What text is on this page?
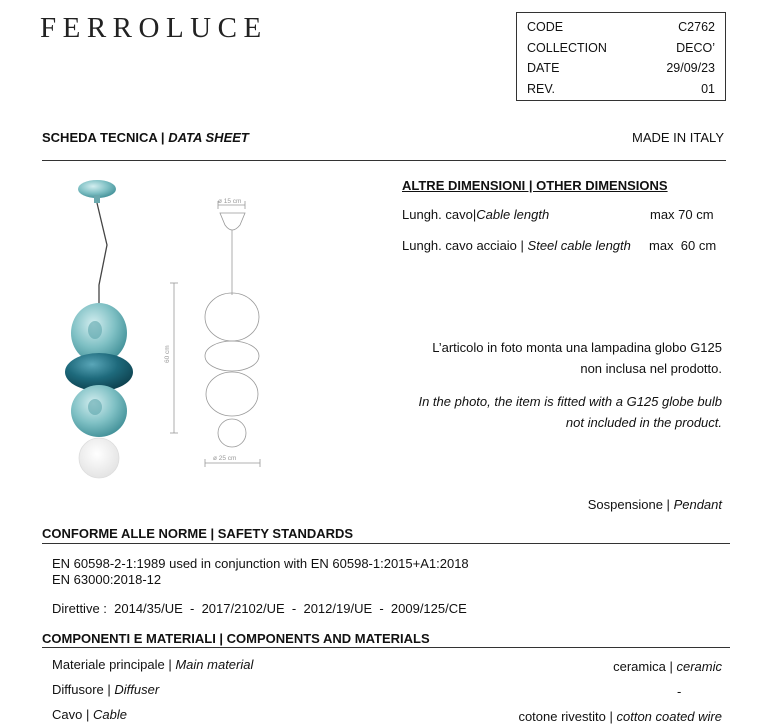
FERROLUCE	CODE	C2762
COLLECTION	DECO’
DATE	29/09/23
REV.	01
SCHEDA TECNICA | DATA SHEET	MADE IN ITALY
ø 15 cm
ø 25 cm
60 cm
ALTRE DIMENSIONI | OTHER DIMENSIONS
Lungh. cavo|Cable length	max 70 cm
Lungh. cavo acciaio | Steel cable length max  60 cm
L’articolo in foto monta una lampadina globo G125
non inclusa nel prodotto.
In the photo, the item is fitted with a G125 globe bulb
not included in the product.
Sospensione | Pendant
CONFORME ALLE NORME | SAFETY STANDARDS
EN 60598-2-1:1989 used in conjunction with EN 60598-1:2015+A1:2018
EN 63000:2018-12
Direttive :  2014/35/UE  -  2017/2102/UE  -  2012/19/UE  -  2009/125/CE
COMPONENTI E MATERIALI | COMPONENTS AND MATERIALS
Materiale principale | Main material	ceramica | ceramic
Diffusore | Diffuser	-
Cavo | Cable	cotone rivestito | cotton coated wire
